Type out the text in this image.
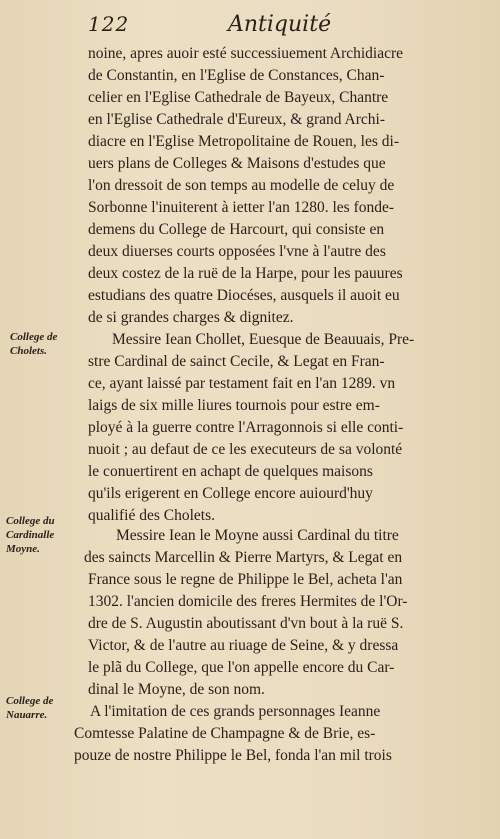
122	Antiquité
noine, apres auoir esté successiuement Archidiacre
de Constantin, en l'Eglise de Constances, Chan-
celier en l'Eglise Cathedrale de Bayeux, Chantre
en l'Eglise Cathedrale d'Eureux, & grand Archi-
diacre en l'Eglise Metropolitaine de Rouen, les di-
uers plans de Colleges & Maisons d'estudes que
l'on dressoit de son temps au modelle de celuy de
Sorbonne l'inuiterent à ietter l'an 1280. les fonde-
demens du College de Harcourt, qui consiste en
deux diuerses courts opposées l'vne à l'autre des
deux costez de la ruë de la Harpe, pour les pauures
estudians des quatre Diocéses, ausquels il auoit eu
de si grandes charges & dignitez.
Messire Iean Chollet, Euesque de Beauuais, Pre-
stre Cardinal de sainct Cecile, & Legat en Fran-
ce, ayant laissé par testament fait en l'an 1289. vn
laigs de six mille liures tournois pour estre em-
ployé à la guerre contre l'Arragonnois si elle conti-
nuoit ; au defaut de ce les executeurs de sa volonté
le conuertirent en achapt de quelques maisons
qu'ils erigerent en College encore auiourd'huy
qualifié des Cholets.
Messire Iean le Moyne aussi Cardinal du titre
des saincts Marcellin & Pierre Martyrs, & Legat en
France sous le regne de Philippe le Bel, acheta l'an
1302. l'ancien domicile des freres Hermites de l'Or-
dre de S. Augustin aboutissant d'vn bout à la ruë S.
Victor, & de l'autre au riuage de Seine, & y dressa
le plã du College, que l'on appelle encore du Car-
dinal le Moyne, de son nom.
A l'imitation de ces grands personnages Ieanne
Comtesse Palatine de Champagne & de Brie, es-
pouze de nostre Philippe le Bel, fonda l'an mil trois
College de
Cholets.
College du
Cardinalle
Moyne.
College de
Nauarre.
